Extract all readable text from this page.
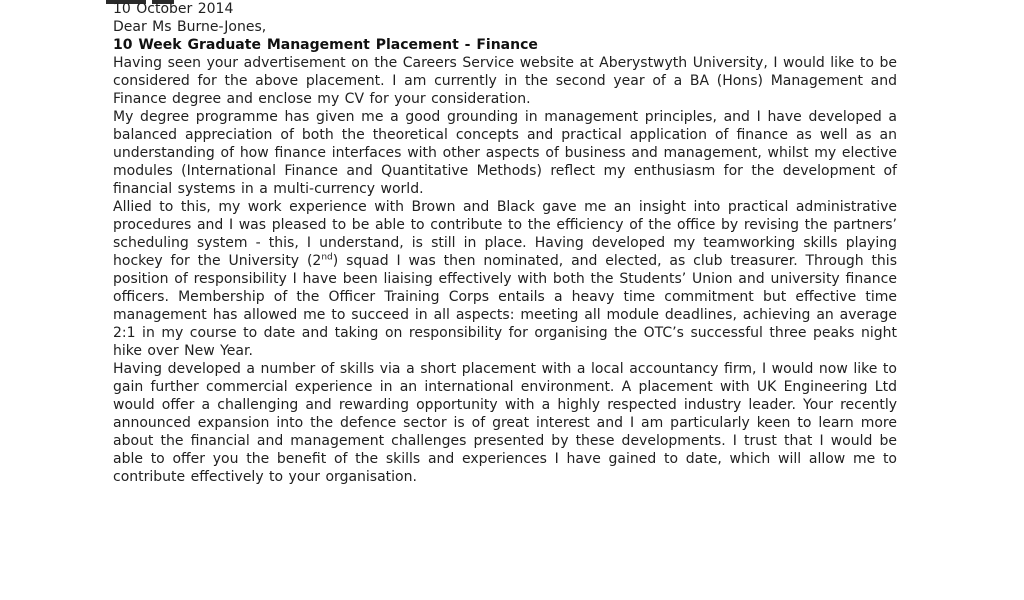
10 October 2014

Dear Ms Burne-Jones,

10 Week Graduate Management Placement - Finance

Having seen your advertisement on the Careers Service website at Aberystwyth University, I would like to be considered for the above placement. I am currently in the second year of a BA (Hons) Management and Finance degree and enclose my CV for your consideration.

My degree programme has given me a good grounding in management principles, and I have developed a balanced appreciation of both the theoretical concepts and practical application of finance as well as an understanding of how finance interfaces with other aspects of business and management, whilst my elective modules (International Finance and Quantitative Methods) reflect my enthusiasm for the development of financial systems in a multi-currency world.

Allied to this, my work experience with Brown and Black gave me an insight into practical administrative procedures and I was pleased to be able to contribute to the efficiency of the office by revising the partners’ scheduling system - this, I understand, is still in place. Having developed my teamworking skills playing hockey for the University (2nd) squad I was then nominated, and elected, as club treasurer. Through this position of responsibility I have been liaising effectively with both the Students’ Union and university finance officers. Membership of the Officer Training Corps entails a heavy time commitment but effective time management has allowed me to succeed in all aspects: meeting all module deadlines, achieving an average 2:1 in my course to date and taking on responsibility for organising the OTC’s successful three peaks night hike over New Year.

Having developed a number of skills via a short placement with a local accountancy firm, I would now like to gain further commercial experience in an international environment. A placement with UK Engineering Ltd would offer a challenging and rewarding opportunity with a highly respected industry leader. Your recently announced expansion into the defence sector is of great interest and I am particularly keen to learn more about the financial and management challenges presented by these developments. I trust that I would be able to offer you the benefit of the skills and experiences I have gained to date, which will allow me to contribute effectively to your organisation.
